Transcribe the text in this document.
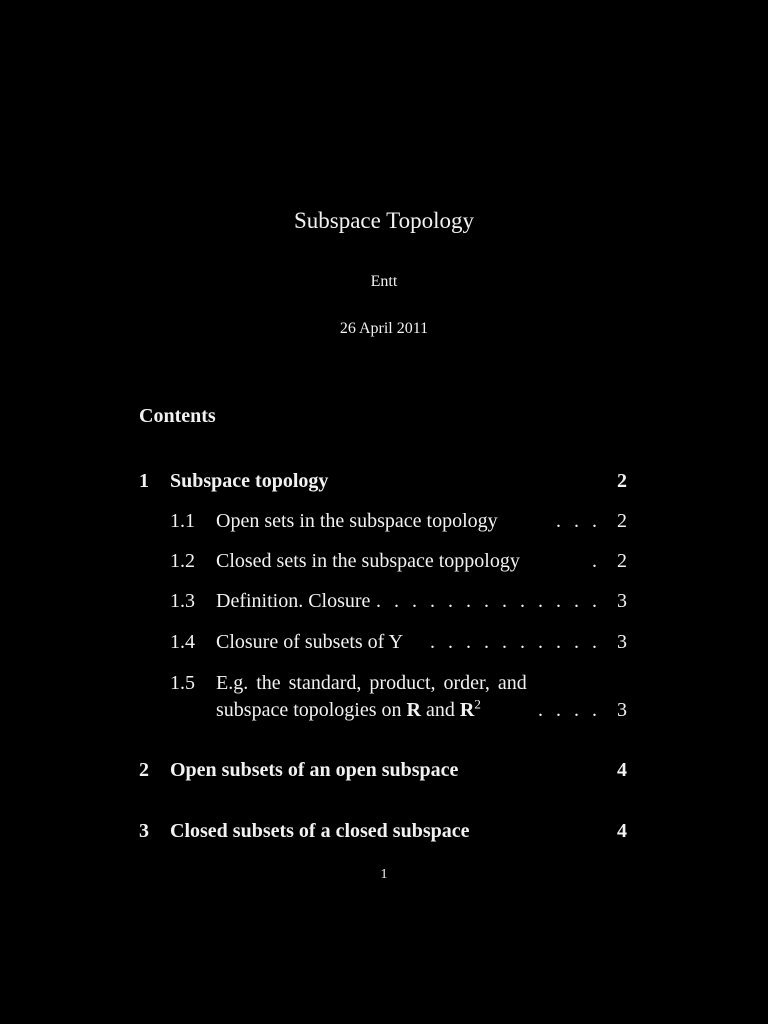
Subspace Topology
Entt
26 April 2011
Contents
1	Subspace topology	2
1.1	Open sets in the subspace topology	. . . 2
1.2	Closed sets in the subspace toppology	. 2
1.3	Definition. Closure . . . . . . . . . . . . . 3
1.4	Closure of subsets of Y	. . . . . . . . . . 3
1.5	E.g. the standard, product, order, and
subspace topologies on R and $R^2$	. . . . 3
2	Open subsets of an open subspace	4
3	Closed subsets of a closed subspace	4
1
